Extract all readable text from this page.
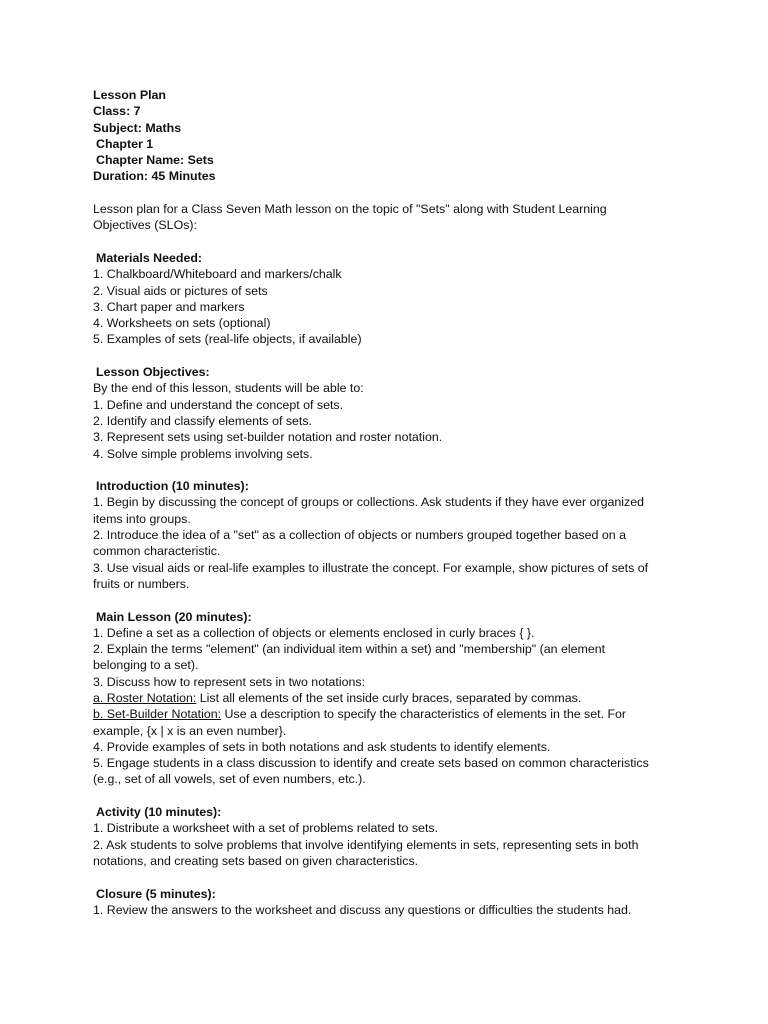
Lesson Plan
Class: 7
Subject: Maths
Chapter 1
Chapter Name: Sets
Duration: 45 Minutes
Lesson plan for a Class Seven Math lesson on the topic of "Sets" along with Student Learning
Objectives (SLOs):
Materials Needed:
1. Chalkboard/Whiteboard and markers/chalk
2. Visual aids or pictures of sets
3. Chart paper and markers
4. Worksheets on sets (optional)
5. Examples of sets (real-life objects, if available)
Lesson Objectives:
By the end of this lesson, students will be able to:
1. Define and understand the concept of sets.
2. Identify and classify elements of sets.
3. Represent sets using set-builder notation and roster notation.
4. Solve simple problems involving sets.
Introduction (10 minutes):
1. Begin by discussing the concept of groups or collections. Ask students if they have ever organized
items into groups.
2. Introduce the idea of a "set" as a collection of objects or numbers grouped together based on a
common characteristic.
3. Use visual aids or real-life examples to illustrate the concept. For example, show pictures of sets of
fruits or numbers.
Main Lesson (20 minutes):
1. Define a set as a collection of objects or elements enclosed in curly braces { }.
2. Explain the terms "element" (an individual item within a set) and "membership" (an element
belonging to a set).
3. Discuss how to represent sets in two notations:
a. Roster Notation: List all elements of the set inside curly braces, separated by commas.
b. Set-Builder Notation: Use a description to specify the characteristics of elements in the set. For
example, {x | x is an even number}.
4. Provide examples of sets in both notations and ask students to identify elements.
5. Engage students in a class discussion to identify and create sets based on common characteristics
(e.g., set of all vowels, set of even numbers, etc.).
Activity (10 minutes):
1. Distribute a worksheet with a set of problems related to sets.
2. Ask students to solve problems that involve identifying elements in sets, representing sets in both
notations, and creating sets based on given characteristics.
Closure (5 minutes):
1. Review the answers to the worksheet and discuss any questions or difficulties the students had.
